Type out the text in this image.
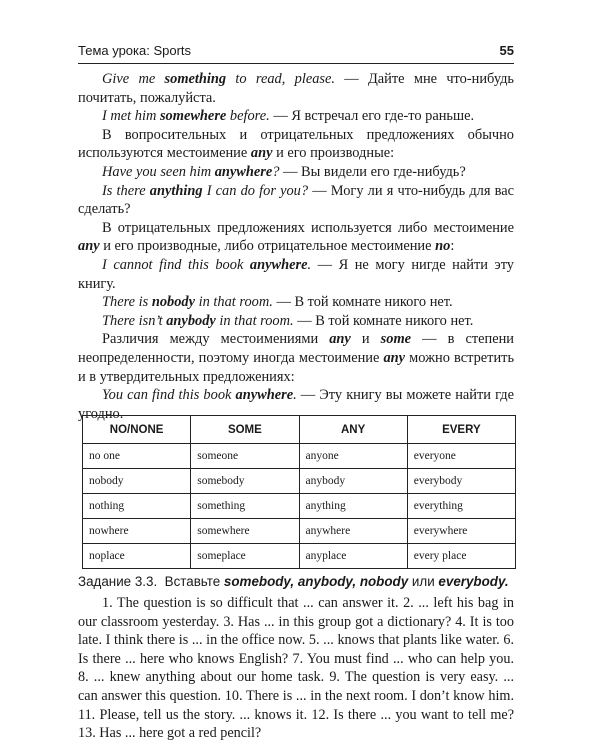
Тема урока: Sports	55

Give me something to read, please. — Дайте мне что-нибудь почитать, пожалуйста.

I met him somewhere before. — Я встречал его где-то раньше.

В вопросительных и отрицательных предложениях обычно используются местоимение any и его производные:

Have you seen him anywhere? — Вы видели его где-нибудь?

Is there anything I can do for you? — Могу ли я что-нибудь для вас сделать?

В отрицательных предложениях используется либо местоимение any и его производные, либо отрицательное местоимение no:

I cannot find this book anywhere. — Я не могу нигде найти эту книгу.

There is nobody in that room. — В той комнате никого нет.

There isn’t anybody in that room. — В той комнате никого нет.

Различия между местоимениями any и some — в степени неопределенности, поэтому иногда местоимение any можно встретить и в утвердительных предложениях:

You can find this book anywhere. — Эту книгу вы можете найти где угодно.

NO/NONE	SOME	ANY	EVERY
no one	someone	anyone	everyone
nobody	somebody	anybody	everybody
nothing	something	anything	everything
nowhere	somewhere	anywhere	everywhere
noplace	someplace	anyplace	every place
Задание 3.3. Вставьте somebody, anybody, nobody или everybody.

1. The question is so difficult that ... can answer it. 2. ... left his bag in our classroom yesterday. 3. Has ... in this group got a dictionary? 4. It is too late. I think there is ... in the office now. 5. ... knows that plants like water. 6. Is there ... here who knows English? 7. You must find ... who can help you. 8. ... knew anything about our home task. 9. The question is very easy. ... can answer this question. 10. There is ... in the next room. I don’t know him. 11. Please, tell us the story. ... knows it. 12. Is there ... you want to tell me? 13. Has ... here got a red pencil?
